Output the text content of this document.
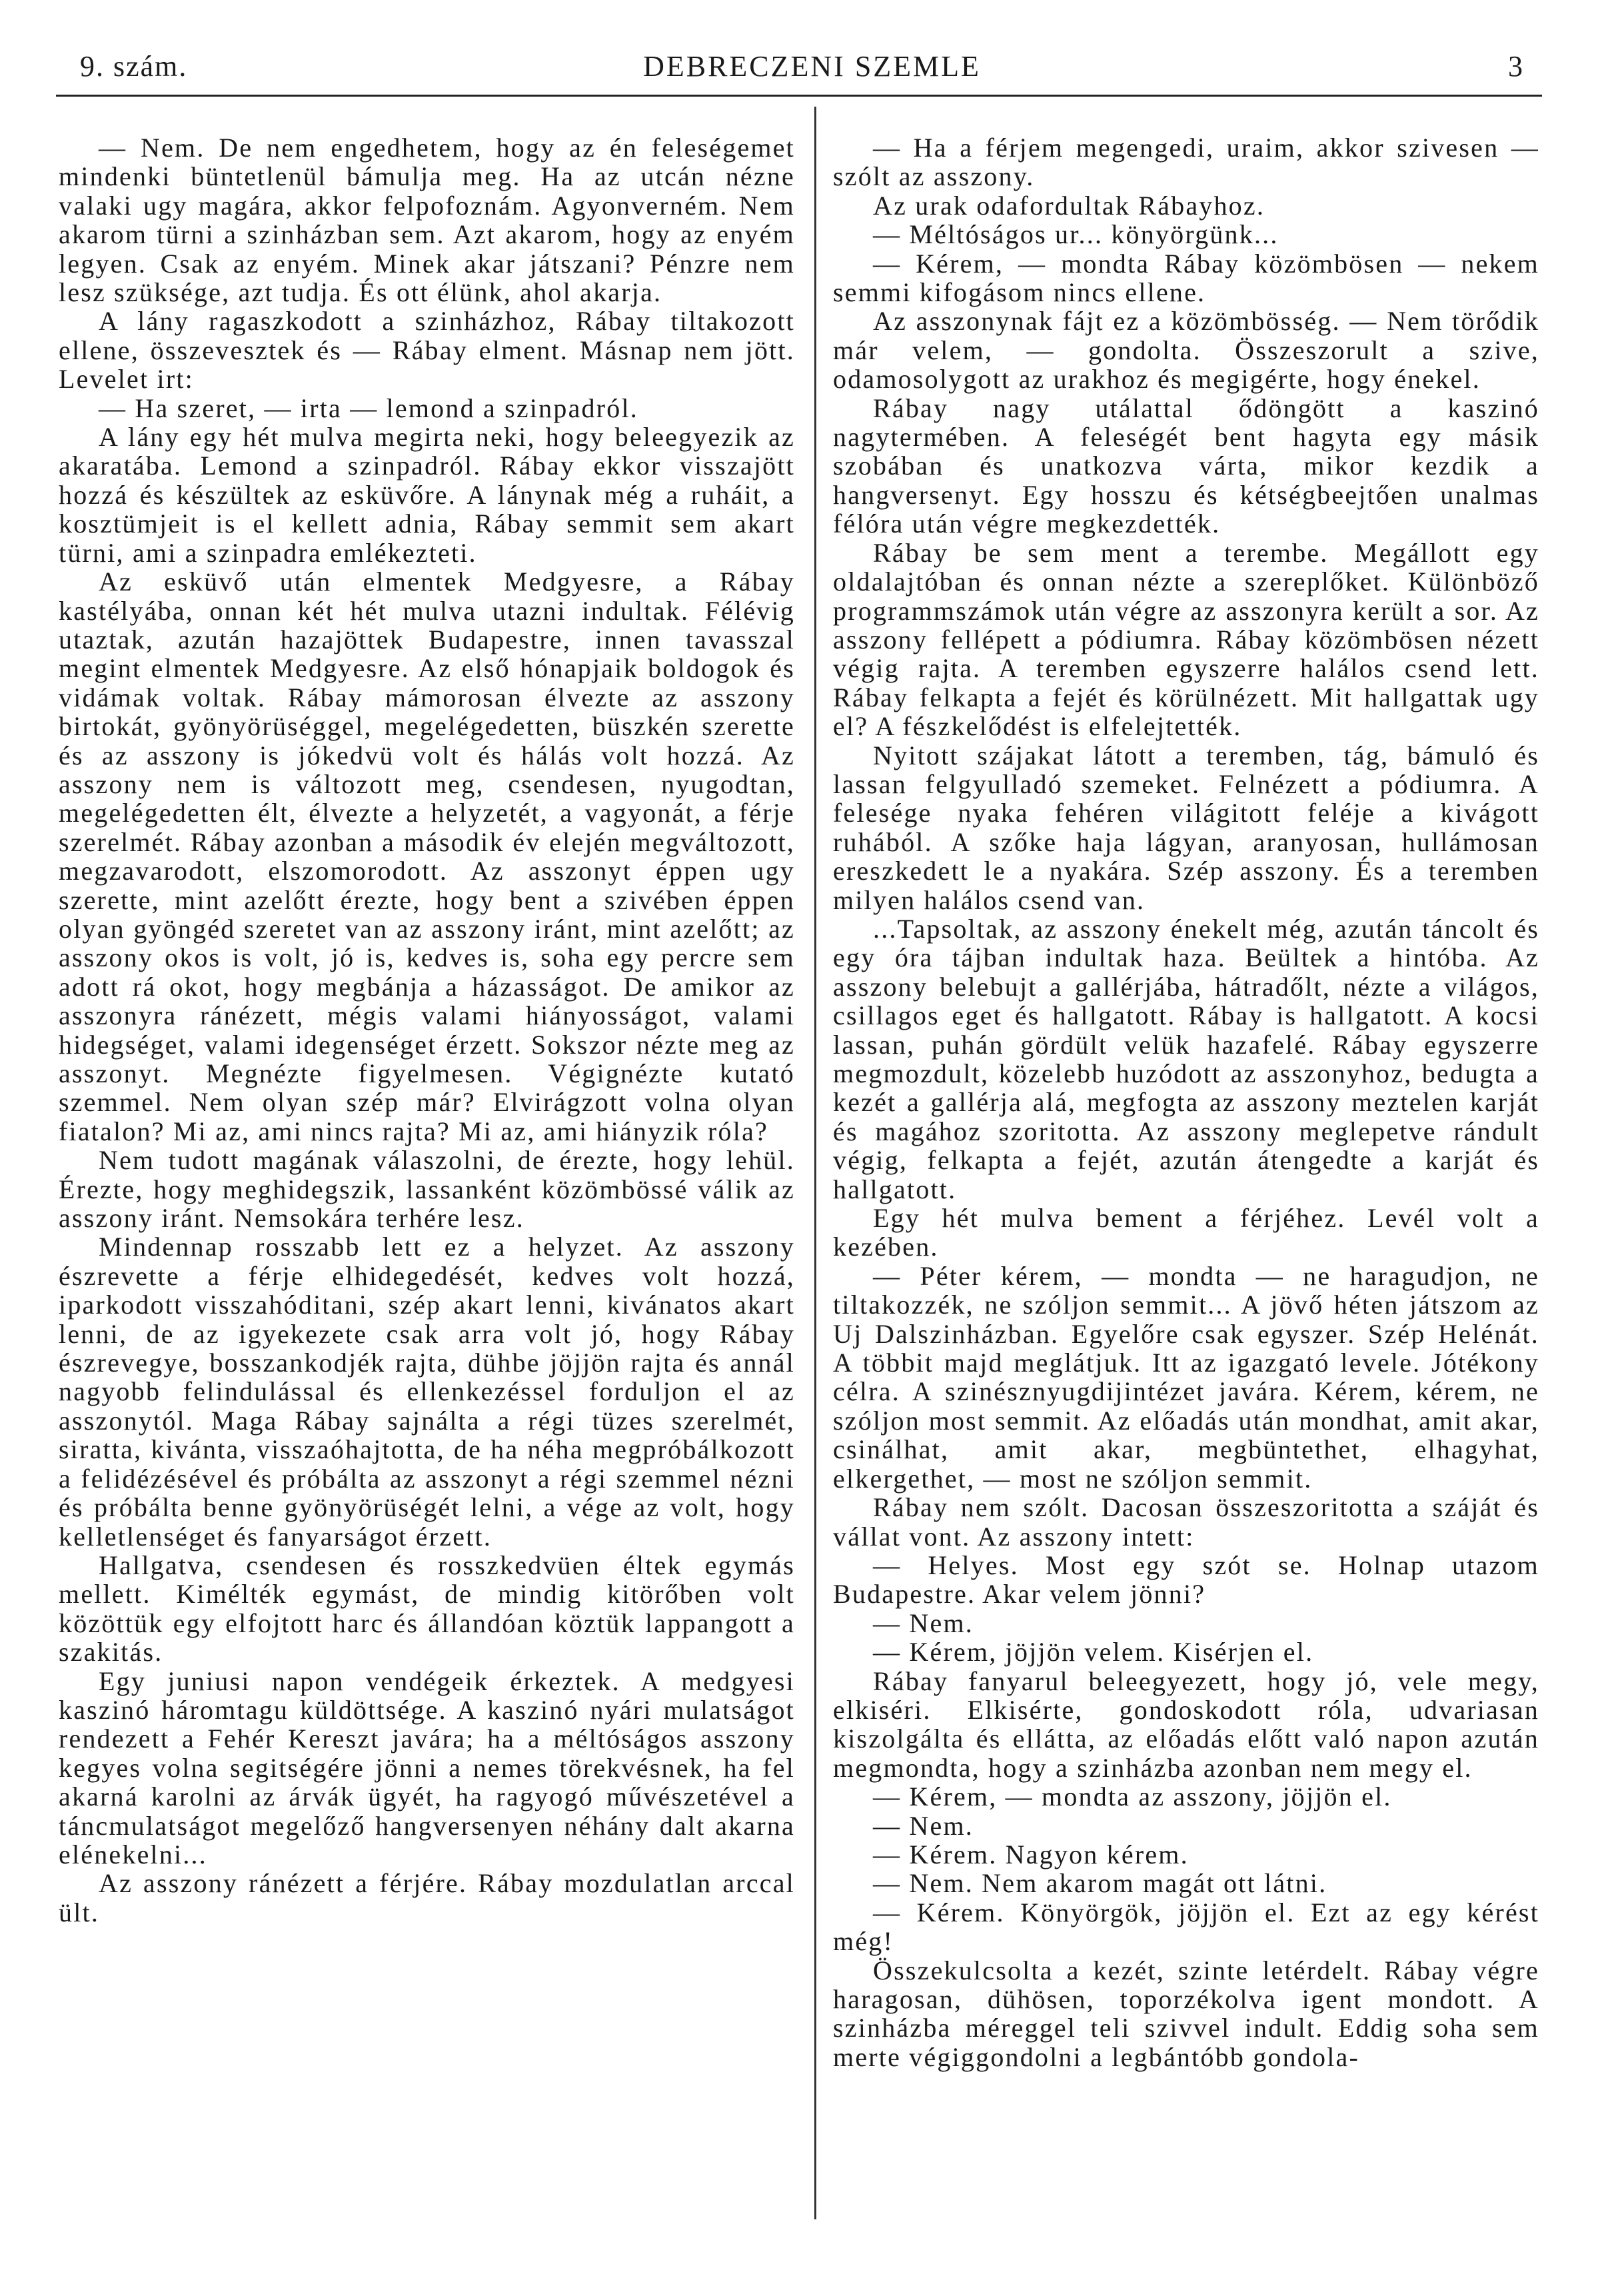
9. szám.	DEBRECZENI SZEMLE	3

— Nem. De nem engedhetem, hogy az én feleségemet mindenki büntetlenül bámulja meg. Ha az utcán nézne valaki ugy magára, akkor felpofoznám. Agyonverném. Nem akarom türni a szinházban sem. Azt akarom, hogy az enyém legyen. Csak az enyém. Minek akar játszani? Pénzre nem lesz szüksége, azt tudja. És ott élünk, ahol akarja.

A lány ragaszkodott a szinházhoz, Rábay tiltakozott ellene, összevesztek és — Rábay elment. Másnap nem jött. Levelet irt:

— Ha szeret, — irta — lemond a szinpadról.

A lány egy hét mulva megirta neki, hogy beleegyezik az akaratába. Lemond a szinpadról. Rábay ekkor visszajött hozzá és készültek az esküvőre. A lánynak még a ruháit, a kosztümjeit is el kellett adnia, Rábay semmit sem akart türni, ami a szinpadra emlékezteti.

Az esküvő után elmentek Medgyesre, a Rábay kastélyába, onnan két hét mulva utazni indultak. Félévig utaztak, azután hazajöttek Budapestre, innen tavasszal megint elmentek Medgyesre. Az első hónapjaik boldogok és vidámak voltak. Rábay mámorosan élvezte az asszony birtokát, gyönyörüséggel, megelégedetten, büszkén szerette és az asszony is jókedvü volt és hálás volt hozzá. Az asszony nem is változott meg, csendesen, nyugodtan, megelégedetten élt, élvezte a helyzetét, a vagyonát, a férje szerelmét. Rábay azonban a második év elején megváltozott, megzavarodott, elszomorodott. Az asszonyt éppen ugy szerette, mint azelőtt érezte, hogy bent a szivében éppen olyan gyöngéd szeretet van az asszony iránt, mint azelőtt; az asszony okos is volt, jó is, kedves is, soha egy percre sem adott rá okot, hogy megbánja a házasságot. De amikor az asszonyra ránézett, mégis valami hiányosságot, valami hidegséget, valami idegenséget érzett. Sokszor nézte meg az asszonyt. Megnézte figyelmesen. Végignézte kutató szemmel. Nem olyan szép már? Elvirágzott volna olyan fiatalon? Mi az, ami nincs rajta? Mi az, ami hiányzik róla?

Nem tudott magának válaszolni, de érezte, hogy lehül. Érezte, hogy meghidegszik, lassanként közömbössé válik az asszony iránt. Nemsokára terhére lesz.

Mindennap rosszabb lett ez a helyzet. Az asszony észrevette a férje elhidegedését, kedves volt hozzá, iparkodott visszahóditani, szép akart lenni, kivánatos akart lenni, de az igyekezete csak arra volt jó, hogy Rábay észrevegye, bosszankodjék rajta, dühbe jöjjön rajta és annál nagyobb felindulással és ellenkezéssel forduljon el az asszonytól. Maga Rábay sajnálta a régi tüzes szerelmét, siratta, kivánta, visszaóhajtotta, de ha néha megpróbálkozott a felidézésével és próbálta az asszonyt a régi szemmel nézni és próbálta benne gyönyörüségét lelni, a vége az volt, hogy kelletlenséget és fanyarságot érzett.

Hallgatva, csendesen és rosszkedvüen éltek egymás mellett. Kimélték egymást, de mindig kitörőben volt közöttük egy elfojtott harc és állandóan köztük lappangott a szakitás.

Egy juniusi napon vendégeik érkeztek. A medgyesi kaszinó háromtagu küldöttsége. A kaszinó nyári mulatságot rendezett a Fehér Kereszt javára; ha a méltóságos asszony kegyes volna segitségére jönni a nemes törekvésnek, ha fel akarná karolni az árvák ügyét, ha ragyogó művészetével a táncmulatságot megelőző hangversenyen néhány dalt akarna elénekelni...

Az asszony ránézett a férjére. Rábay mozdulatlan arccal ült.

— Ha a férjem megengedi, uraim, akkor szivesen — szólt az asszony.

Az urak odafordultak Rábayhoz.

— Méltóságos ur... könyörgünk...

— Kérem, — mondta Rábay közömbösen — nekem semmi kifogásom nincs ellene.

Az asszonynak fájt ez a közömbösség. — Nem törődik már velem, — gondolta. Összeszorult a szive, odamosolygott az urakhoz és megigérte, hogy énekel.

Rábay nagy utálattal ődöngött a kaszinó nagytermében. A feleségét bent hagyta egy másik szobában és unatkozva várta, mikor kezdik a hangversenyt. Egy hosszu és kétségbeejtően unalmas félóra után végre megkezdették.

Rábay be sem ment a terembe. Megállott egy oldalajtóban és onnan nézte a szereplőket. Különböző programmszámok után végre az asszonyra került a sor. Az asszony fellépett a pódiumra. Rábay közömbösen nézett végig rajta. A teremben egyszerre halálos csend lett. Rábay felkapta a fejét és körülnézett. Mit hallgattak ugy el? A fészkelődést is elfelejtették.

Nyitott szájakat látott a teremben, tág, bámuló és lassan felgyulladó szemeket. Felnézett a pódiumra. A felesége nyaka fehéren világitott feléje a kivágott ruhából. A szőke haja lágyan, aranyosan, hullámosan ereszkedett le a nyakára. Szép asszony. És a teremben milyen halálos csend van.

...Tapsoltak, az asszony énekelt még, azután táncolt és egy óra tájban indultak haza. Beültek a hintóba. Az asszony belebujt a gallérjába, hátradőlt, nézte a világos, csillagos eget és hallgatott. Rábay is hallgatott. A kocsi lassan, puhán gördült velük hazafelé. Rábay egyszerre megmozdult, közelebb huzódott az asszonyhoz, bedugta a kezét a gallérja alá, megfogta az asszony meztelen karját és magához szoritotta. Az asszony meglepetve rándult végig, felkapta a fejét, azután átengedte a karját és hallgatott.

Egy hét mulva bement a férjéhez. Levél volt a kezében.

— Péter kérem, — mondta — ne haragudjon, ne tiltakozzék, ne szóljon semmit... A jövő héten játszom az Uj Dalszinházban. Egyelőre csak egyszer. Szép Helénát. A többit majd meglátjuk. Itt az igazgató levele. Jótékony célra. A szinésznyugdijintézet javára. Kérem, kérem, ne szóljon most semmit. Az előadás után mondhat, amit akar, csinálhat, amit akar, megbüntethet, elhagyhat, elkergethet, — most ne szóljon semmit.

Rábay nem szólt. Dacosan összeszoritotta a száját és vállat vont. Az asszony intett:

— Helyes. Most egy szót se. Holnap utazom Budapestre. Akar velem jönni?

— Nem.

— Kérem, jöjjön velem. Kisérjen el.

Rábay fanyarul beleegyezett, hogy jó, vele megy, elkiséri. Elkisérte, gondoskodott róla, udvariasan kiszolgálta és ellátta, az előadás előtt való napon azután megmondta, hogy a szinházba azonban nem megy el.

— Kérem, — mondta az asszony, jöjjön el.

— Nem.

— Kérem. Nagyon kérem.

— Nem. Nem akarom magát ott látni.

— Kérem. Könyörgök, jöjjön el. Ezt az egy kérést még!

Összekulcsolta a kezét, szinte letérdelt. Rábay végre haragosan, dühösen, toporzékolva igent mondott. A szinházba méreggel teli szivvel indult. Eddig soha sem merte végiggondolni a legbántóbb gondola-
